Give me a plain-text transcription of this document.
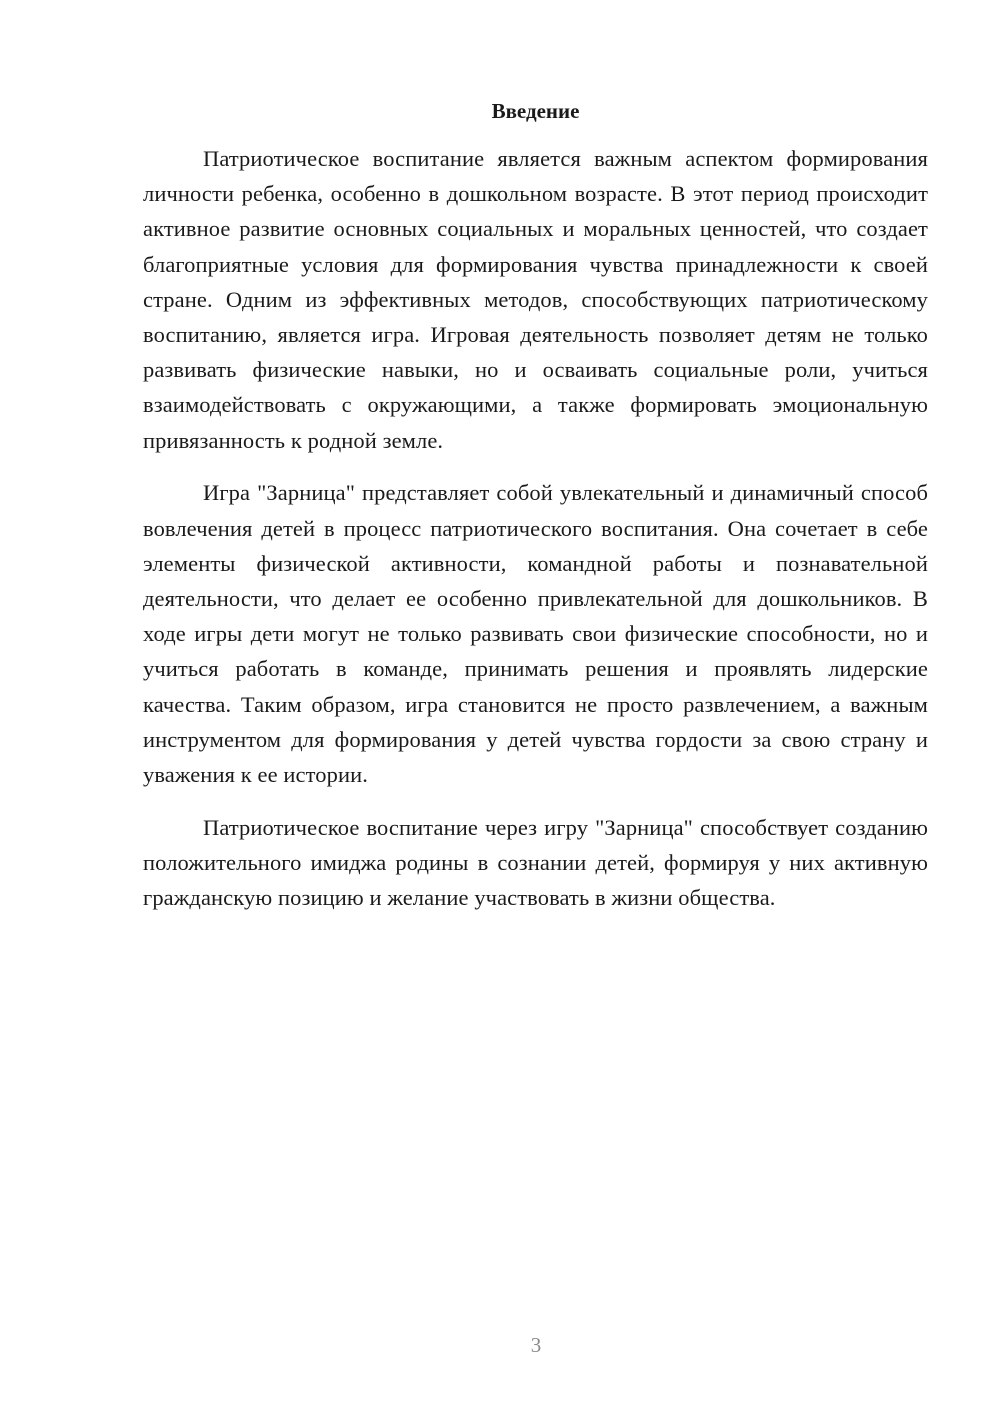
Введение

Патриотическое воспитание является важным аспектом формирования личности ребенка, особенно в дошкольном возрасте. В этот период происходит активное развитие основных социальных и моральных ценностей, что создает благоприятные условия для формирования чувства принадлежности к своей стране. Одним из эффективных методов, способствующих патриотическому воспитанию, является игра. Игровая деятельность позволяет детям не только развивать физические навыки, но и осваивать социальные роли, учиться взаимодействовать с окружающими, а также формировать эмоциональную привязанность к родной земле.

Игра "Зарница" представляет собой увлекательный и динамичный способ вовлечения детей в процесс патриотического воспитания. Она сочетает в себе элементы физической активности, командной работы и познавательной деятельности, что делает ее особенно привлекательной для дошкольников. В ходе игры дети могут не только развивать свои физические способности, но и учиться работать в команде, принимать решения и проявлять лидерские качества. Таким образом, игра становится не просто развлечением, а важным инструментом для формирования у детей чувства гордости за свою страну и уважения к ее истории.

Патриотическое воспитание через игру "Зарница" способствует созданию положительного имиджа родины в сознании детей, формируя у них активную гражданскую позицию и желание участвовать в жизни общества.

3
